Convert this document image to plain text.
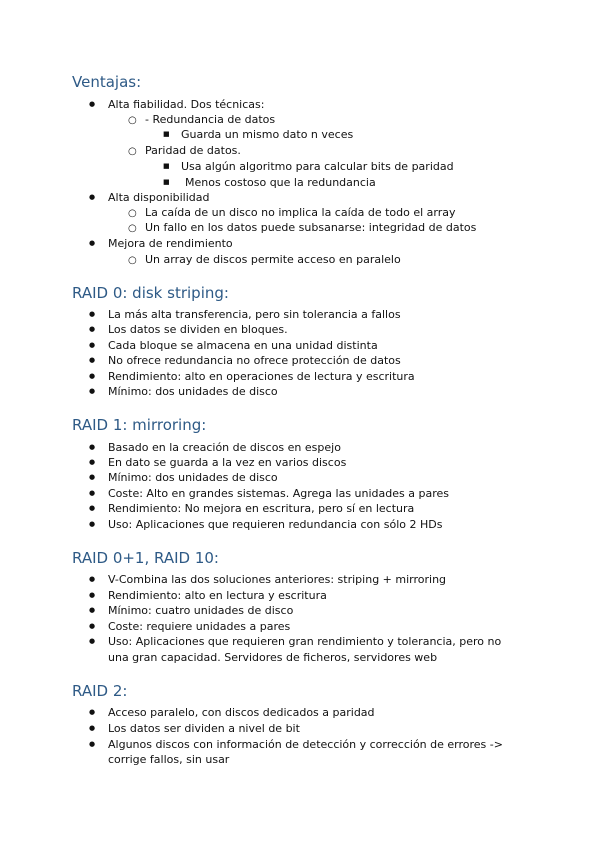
Ventajas:
●
Alta fiabilidad. Dos técnicas:
○
- Redundancia de datos
■
Guarda un mismo dato n veces
○
Paridad de datos.
■
Usa algún algoritmo para calcular bits de paridad
■
Menos costoso que la redundancia
●
Alta disponibilidad
○
La caída de un disco no implica la caída de todo el array
○
Un fallo en los datos puede subsanarse: integridad de datos
●
Mejora de rendimiento
○
Un array de discos permite acceso en paralelo
RAID 0: disk striping:
●
La más alta transferencia, pero sin tolerancia a fallos
●
Los datos se dividen en bloques.
●
Cada bloque se almacena en una unidad distinta
●
No ofrece redundancia no ofrece protección de datos
●
Rendimiento: alto en operaciones de lectura y escritura
●
Mínimo: dos unidades de disco
RAID 1: mirroring:
●
Basado en la creación de discos en espejo
●
En dato se guarda a la vez en varios discos
●
Mínimo: dos unidades de disco
●
Coste: Alto en grandes sistemas. Agrega las unidades a pares
●
Rendimiento: No mejora en escritura, pero sí en lectura
●
Uso: Aplicaciones que requieren redundancia con sólo 2 HDs
RAID 0+1, RAID 10:
●
V-Combina las dos soluciones anteriores: striping + mirroring
●
Rendimiento: alto en lectura y escritura
●
Mínimo: cuatro unidades de disco
●
Coste: requiere unidades a pares
●
Uso: Aplicaciones que requieren gran rendimiento y tolerancia, pero no
una gran capacidad. Servidores de ficheros, servidores web
RAID 2:
●
Acceso paralelo, con discos dedicados a paridad
●
Los datos ser dividen a nivel de bit
●
Algunos discos con información de detección y corrección de errores ->
corrige fallos, sin usar
